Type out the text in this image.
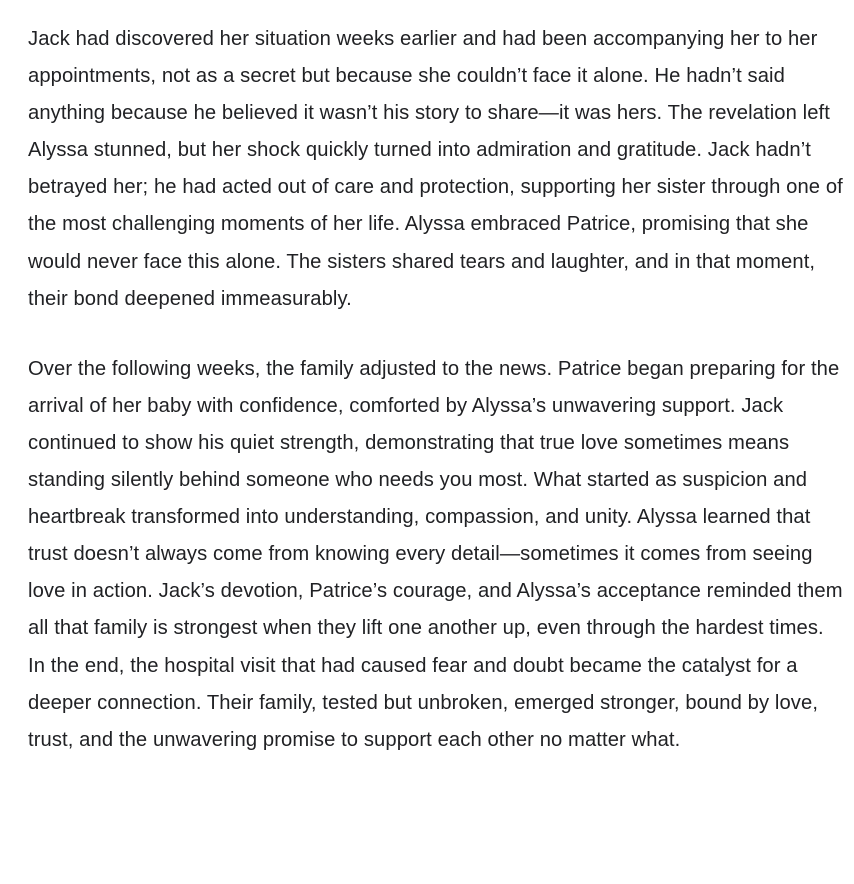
Jack had discovered her situation weeks earlier and had been accompanying her to her appointments, not as a secret but because she couldn’t face it alone. He hadn’t said anything because he believed it wasn’t his story to share—it was hers. The revelation left Alyssa stunned, but her shock quickly turned into admiration and gratitude. Jack hadn’t betrayed her; he had acted out of care and protection, supporting her sister through one of the most challenging moments of her life. Alyssa embraced Patrice, promising that she would never face this alone. The sisters shared tears and laughter, and in that moment, their bond deepened immeasurably.

Over the following weeks, the family adjusted to the news. Patrice began preparing for the arrival of her baby with confidence, comforted by Alyssa’s unwavering support. Jack continued to show his quiet strength, demonstrating that true love sometimes means standing silently behind someone who needs you most. What started as suspicion and heartbreak transformed into understanding, compassion, and unity. Alyssa learned that trust doesn’t always come from knowing every detail—sometimes it comes from seeing love in action. Jack’s devotion, Patrice’s courage, and Alyssa’s acceptance reminded them all that family is strongest when they lift one another up, even through the hardest times. In the end, the hospital visit that had caused fear and doubt became the catalyst for a deeper connection. Their family, tested but unbroken, emerged stronger, bound by love, trust, and the unwavering promise to support each other no matter what.
